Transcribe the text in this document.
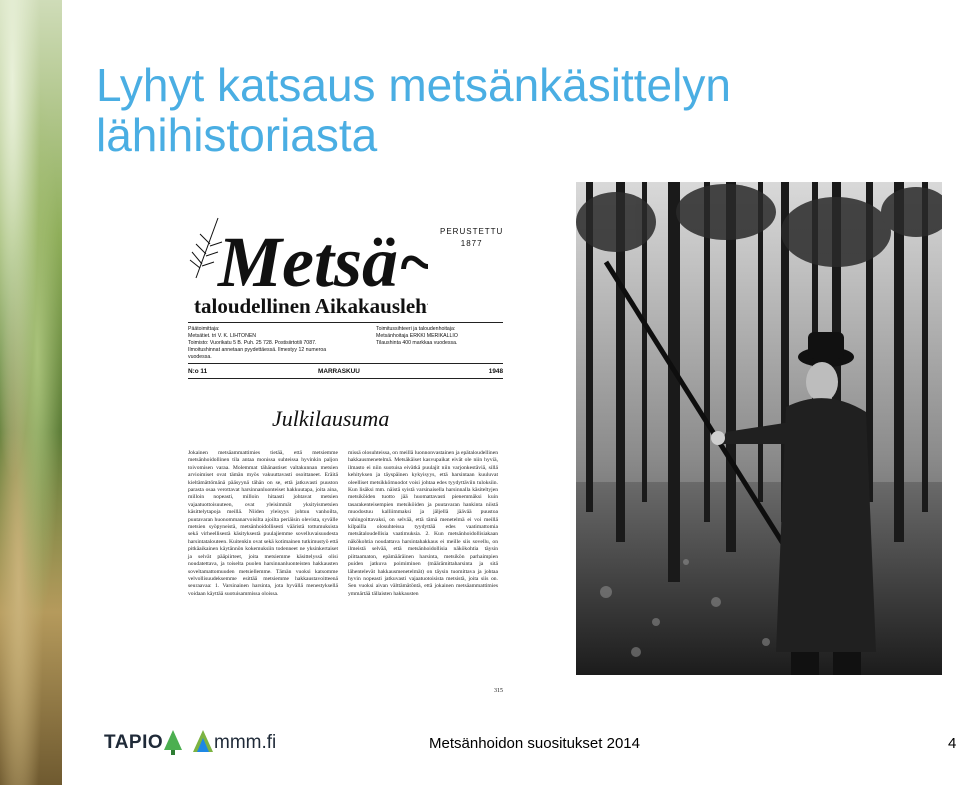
Lyhyt katsaus metsänkäsittelyn lähihistoriasta
Metsä~
taloudellinen Aikakauslehti
PERUSTETTU
1877
Päätoimittaja:
Metsätiet. tri V. K. LIHTONEN
Toimisto: Vuorikatu 5 B. Puh. 25 728. Postisiirtotili 7087.
Ilmoitushinnat annetaan pyydettäessä. Ilmestyy 12 numeroa vuodessa.
Toimitussihteeri ja taloudenhoitaja:
Metsänhoitaja ERKKI MERIKALLIO
Tilaushinta 400 markkaa vuodessa.
N:o 11	MARRASKUU	1948
Julkilausuma
Jokainen metsäammattimies tietää, että metsiemme metsänhoidollinen tila antaa monissa suhteissa hyvinkin paljon toivomisen varaa. Molemmat tähänastiset valtakunnan metsien arvioimiset ovat tämän myös vakuuttavasti osoittaneet. Eräitä kieltämättömänä pääsyynä tähän on se, että jatkuvasti puuston parasta osaa verottavat harsinnanluonteiset hakkuutapa, joita aina, milloin nopeasti, milloin hitaasti johtavat metsien vajaatuottoisuuteen, ovat yleisimmät yksityismetsien käsittelytapoja meillä. Niiden yleisyys johtuu vanhoilta, puutavaran huonommanarvoisilta ajoilta periäisin olevista, syvälle metsien syöpyneistä, metsänhoidollisesti vääristä tottumuksista sekä virheellisestä käsityksestä puulajiemme sovelluvaisuudesta harsintatalouteen. Kuitenkin ovat sekä kotimainen tutkimustyö että pitkäaikainen käytännön kokemuksiin todenneet ne yksinkertaiset ja selvät pääpiirteet, joita metsiemme käsittelyssä olisi noudatettava, ja toiselta puolen harsinnanluonteisten hakkausten soveltamattomuuden metsiellemme. Tämän vuoksi katsomme velvollisuudeksemme esittää metsiemme hakkaustavoitteenä seuraavaa: 1. Varsinainen harsinta, jota hyvällä menestyksellä voidaan käyttää suotuisammissa oloissa.
missä olosuhteissa, on meillä luonnonvastainen ja epätaloudellinen hakkausmenetelmä. Metsäkäiset kasvupaikat eivät ole niin hyviä, ilmasto ei niin suotuisa eivätkä puulajit niin varjonkestäviä, sillä kehityksen ja täyspäinen kykyisyys, että harsintaan kuuluvat oleelliset metsikkömuodot voisi johtaa edes tyydyttäviin tuloksiin. Kun lisäksi mm. näistä syistä varsinaisella harsinnalla käsiteltyjen metsiköiden tuotto jää huomattavasti pienemmäksi kuin tasarakenteisempien metsiköiden ja puutavaran hankinta niistä muodostuu kalliimmaksi ja jäljellä jäävää puustoa vahingoittavaksi, on selvää, että tämä menetelmä ei voi meillä kilpailla olosuhteissa tyydyttää edes vaatimattomia metsätaloudellisia vaatimuksia. 2. Kun metsänhoidollisiakaan näkökohtia noudattava harsintahakkaus ei meille siis sovellu, on ilmeistä selvää, että metsänhoidollisia näkökohtia täysin piittaamaton, epämääräinen harsinta, metsikön parhaimpien puiden jatkuva poimiminen (määrämittaharsinta ja sitä lähentelevät hakkausmenetelmät) on täysin tuomittava ja johtaa hyvin nopeasti jatkuvasti vajaatuotoisista metsistä, joita siis on. Sen vuoksi aivan välttämätöntä, että jokainen metsäammattimies ymmärtää tällaisten hakkausten
315
TAPIO	mmm.fi	Metsänhoidon suositukset 2014	4
